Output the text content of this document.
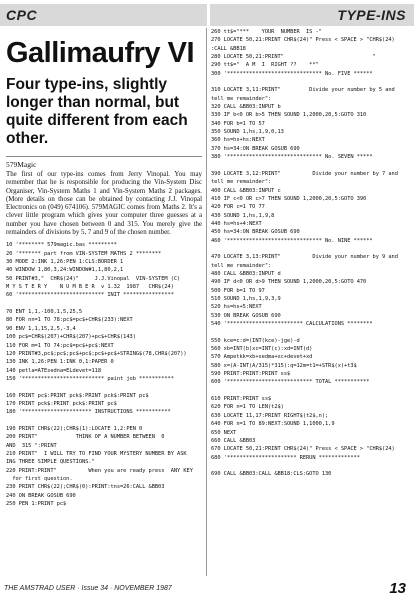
CPC	TYPE-INS
Gallimaufry VI
Four type-ins, slightly longer than normal, but quite different from each other.
579Magic
The first of our type-ins comes from Jerry Vinopal. You may remember that he is responsible for producing the Vin-System Disc Organiser, Vin-System Maths 1 and Vin-System Maths 2 packages. (More details on those can be obtained by contacting J.J. Vinopal Electronics on (049) 674106). 579MAGIC comes from Maths 2. It's a clever little program which gives your computer three guesses at a number you have chosen between 0 and 315. You merely give the remainders of divisions by 5, 7 and 9 of the chosen number.
10 '******** 579magic.bas *********
20 '******* part from VIN-SYSTEM MATHS 2 ********
30 MODE 2:INK 1,26:PEN 1:CLS:BORDER 1
40 WINDOW 1,80,3,24:WINDOW#1,1,80,2,1
50 PRINT#3,"  CHR$(24)"     J.J.Vinopal  VIN-SYSTEM (C)
M Y S T E R Y    N U M B E R  v 1.32  1987   CHR$(24)
60 '*************************** INIT ****************

70 ENT 1,1,-100,1,5,25,5
80 FOR nn=1 TO 78:pc$=pc$+CHR$(233):NEXT
90 ENV 1,1,15,2,5,-3,4
100 pc$=CHR$(207)+CHR$(207)+pc$+CHR$(143)
110 FOR m=1 TO 74:pc$=pc$+pc$:NEXT
120 PRINT#3,pc$;pc$;pc$+pc$;pc$+pc$+STRING$(78,CHR$(207))
130 INK 1,26:PEN 1:INK 0,1:PAPER 0
140 petla=ATEsedna=ELdevet=118
150 '************************** paint job ***********

160 PRINT pc$:PRINT pck$:PRINT pck$:PRINT pc$
170 PRINT pck$:PRINT pck$:PRINT pc$
180 '********************** INSTRUCTIONS ***********

190 PRINT CHR$(22);CHR$(1):LOCATE 1,2:PEN 0
200 PRINT"            THINK OF A NUMBER BETWEEN  0
AND  315 ":PRINT
210 PRINT"  I WILL TRY TO FIND YOUR MYSTERY NUMBER BY ASK
ING THREE SIMPLE QUESTIONS."
220 PRINT:PRINT"          When you are ready press  ANY KEY
for first question.
230 PRINT CHR$(22);CHR$(0):PRINT:tns=26:CALL &BB03
240 ON BREAK GOSUB 690
250 PEN 1:PRINT pc$
260 tt$="***    YOUR  NUMBER  IS -"
270 LOCATE 50,21:PRINT CHR$(24)" Press < SPACE > "CHR$(24)
:CALL &BB18
280 LOCATE 50,21:PRINT"                            "
290 tt$="  A M  I  RIGHT ??    **"
300 '****************************** No. FIVE ******

310 LOCATE 3,11:PRINT"         Divide your number by 5 and
tell me remainder":
320 CALL &BB03:INPUT b
330 IF b<0 OR b>5 THEN SOUND 1,2000,20,5:GOTO 310
340 FOR b=1 TO 57
350 SOUND 1,hs,1,9,0,13
360 hs=hs+hs:NEXT
370 hs=34:ON BREAK GOSUB 690
380 '****************************** No. SEVEN *****

390 LOCATE 3,12:PRINT"          Divide your number by 7 and
tell me remainder":
400 CALL &BB03:INPUT c
410 IF c<0 OR c>7 THEN SOUND 1,2000,20,5:GOTO 390
420 FOR c=1 TO 77
430 SOUND 1,hs,1,9,8
440 hs=hs+4:NEXT
450 hs=34:ON BREAK GOSUB 690
460 '****************************** No. NINE ******

470 LOCATE 3,13:PRINT"          Divide your number by 9 and
tell me remainder":
480 CALL &BB03:INPUT d
490 IF d<0 OR d>9 THEN SOUND 1,2000,20,5:GOTO 470
500 FOR b=1 TO 97
510 SOUND 1,hs,1,9,3,9
520 hs=hs+5:NEXT
530 ON BREAK GOSUB 690
540 '************************ CALCULATIONS ********

550 kce=c:d=(INT(kce)-jge)-d
560 xb=INT(b)xc=INT(c):xd=INT(d)
570 Ampetkk=xb+sedma+xc+devet+xd
580 x=(A-INT(A/315)*315):q=12m=t1=+STR$(x)+t3$
590 PRINT:PRINT:PRINT ss$
600 '*************************** TOTAL ***********

610 PRINT:PRINT ss$
620 FOR n=1 TO LEN(t2$)
630 LOCATE 11,17:PRINT RIGHT$(t2$,n);
640 FOR n=1 TO 89:NEXT:SOUND 1,1000,1,9
650 NEXT
660 CALL &BB03
670 LOCATE 50,21:PRINT CHR$(24)" Press < SPACE > "CHR$(24)
680 '********************** RERUN *************

690 CALL &BB03:CALL &BB18:CLS:GOTO 130
THE AMSTRAD USER · Issue 34 · NOVEMBER 1987	13
